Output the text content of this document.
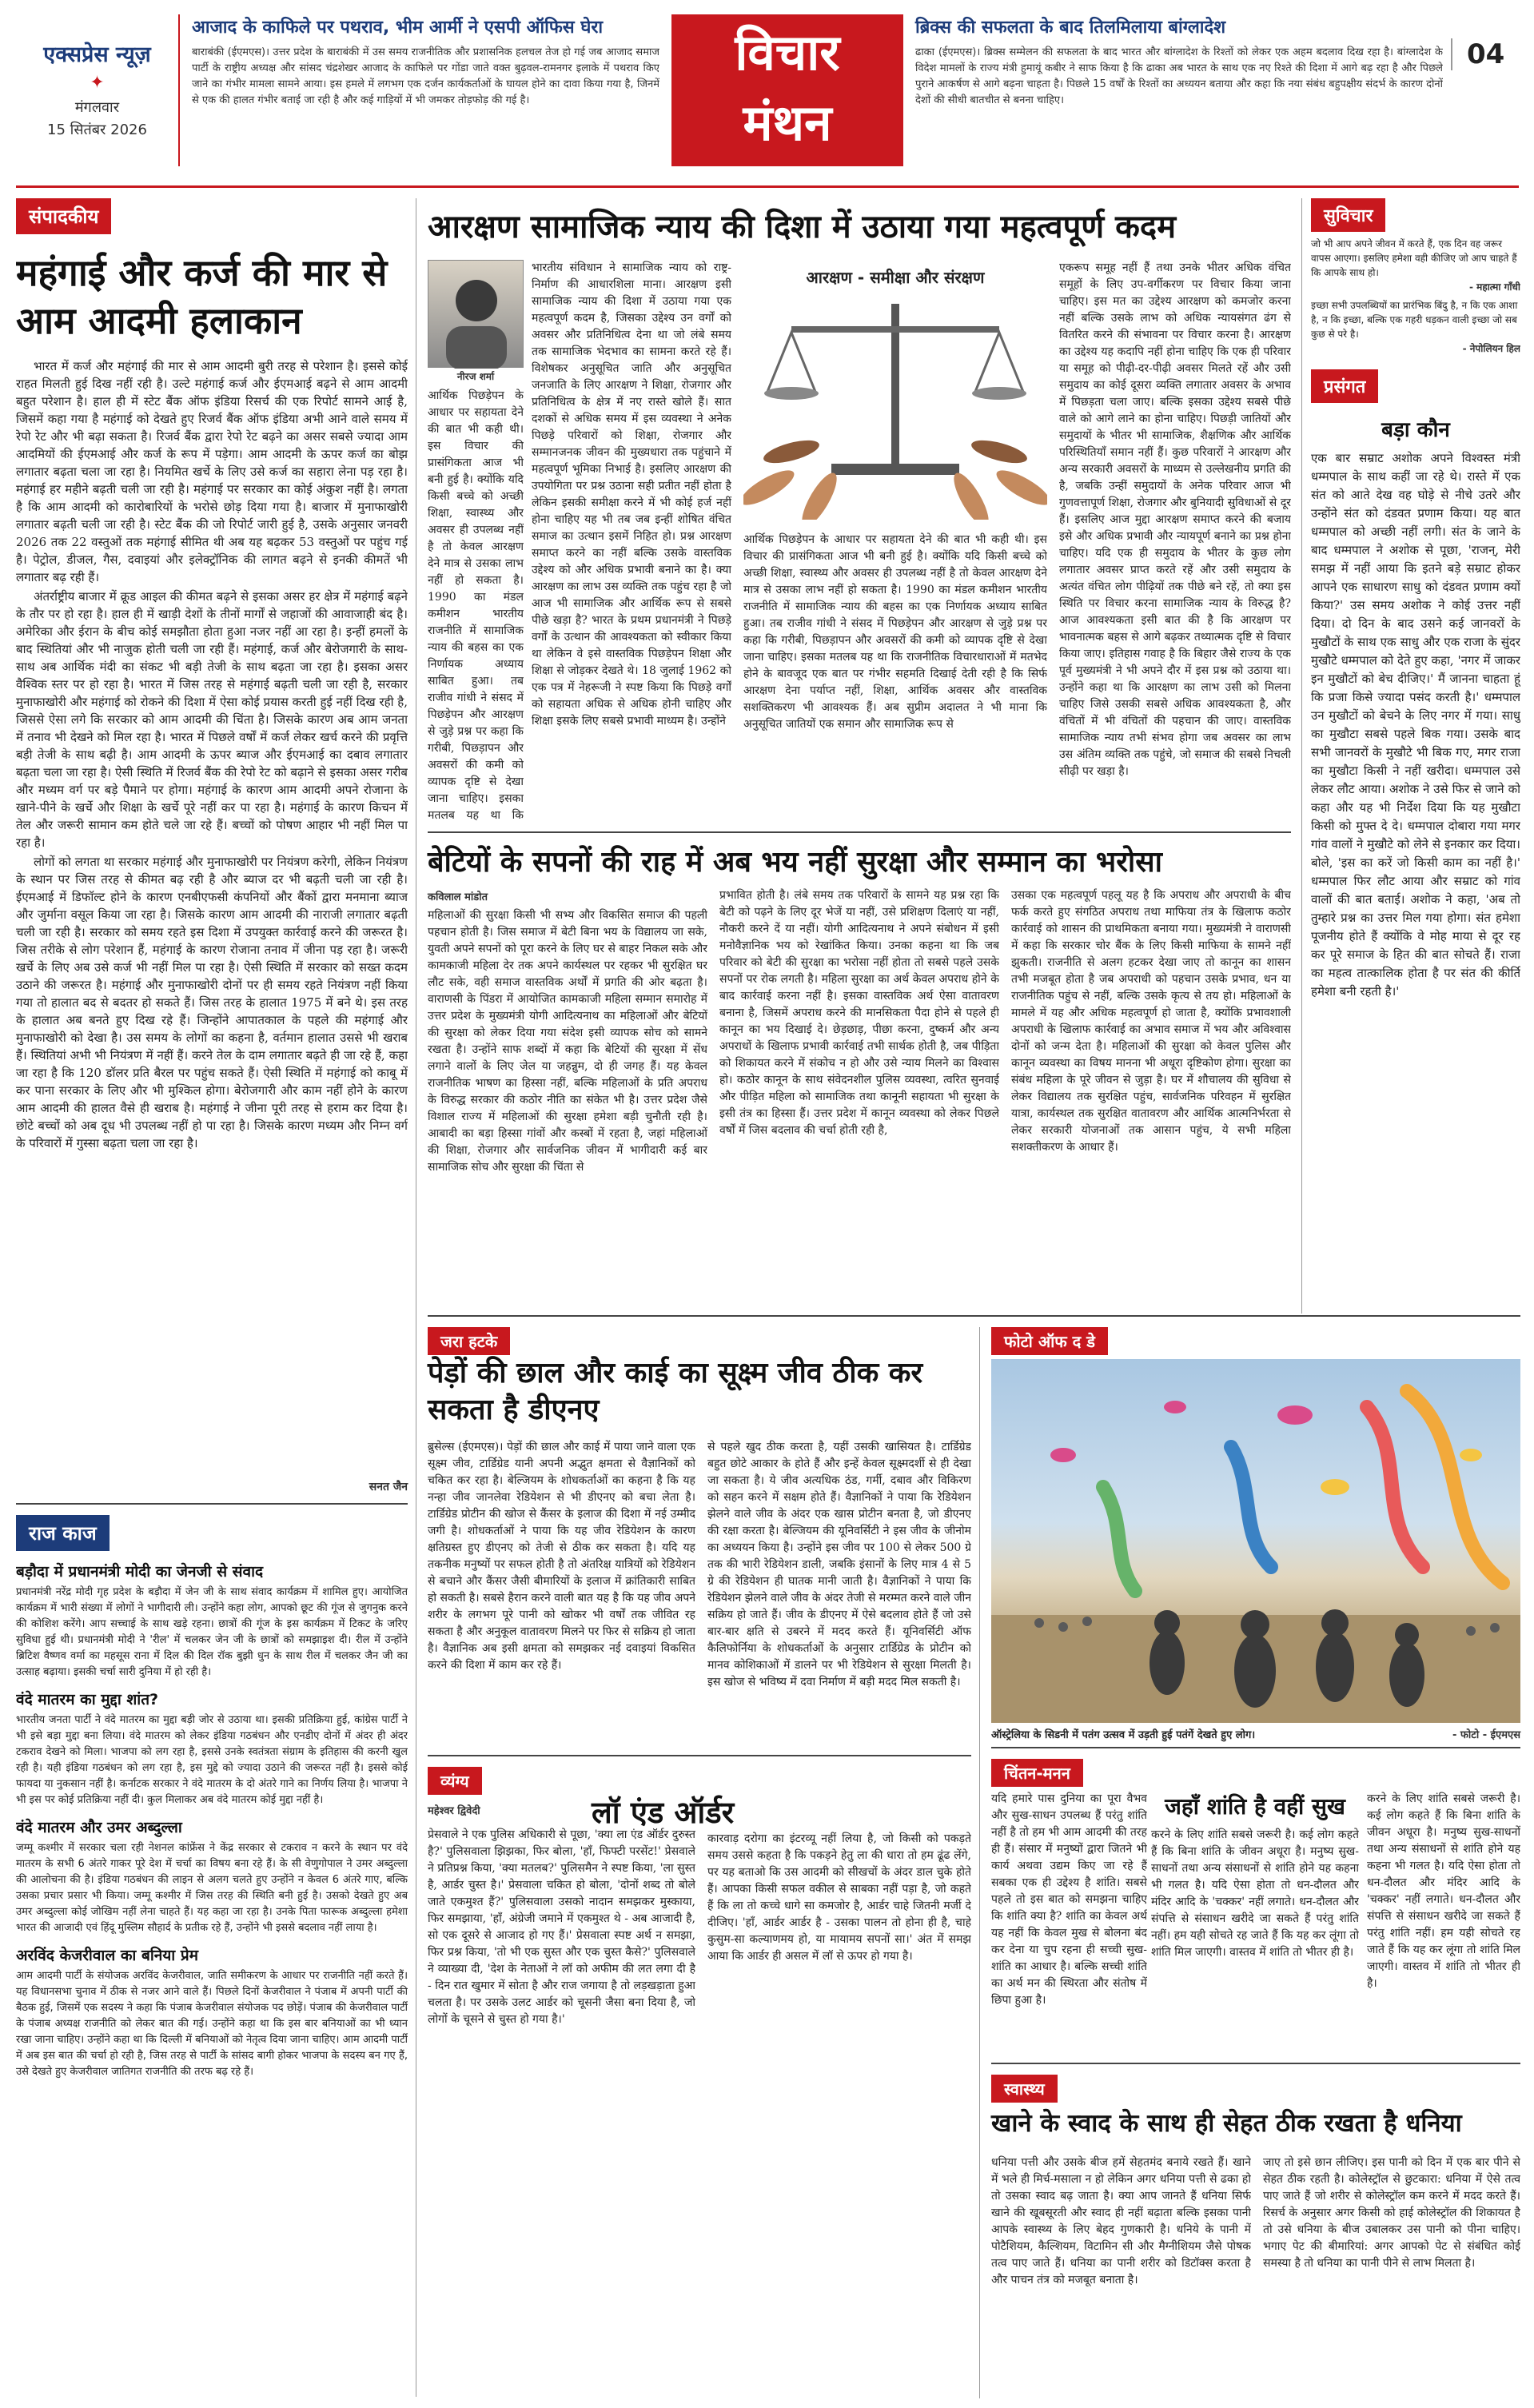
एक्सप्रेस न्यूज़
✦
मंगलवार
15 सितंबर 2026
आजाद के काफिले पर पथराव, भीम आर्मी ने एसपी ऑफिस घेरा
बाराबंकी (ईएमएस)। उत्तर प्रदेश के बाराबंकी में उस समय राजनीतिक और प्रशासनिक हलचल तेज हो गई जब आजाद समाज पार्टी के राष्ट्रीय अध्यक्ष और सांसद चंद्रशेखर आजाद के काफिले पर गोंडा जाते वक्त बुढ़वल-रामनगर इलाके में पथराव किए जाने का गंभीर मामला सामने आया। इस हमले में लगभग एक दर्जन कार्यकर्ताओं के घायल होने का दावा किया गया है, जिनमें से एक की हालत गंभीर बताई जा रही है और कई गाड़ियों में भी जमकर तोड़फोड़ की गई है।
विचार
मंथन
ब्रिक्स की सफलता के बाद तिलमिलाया बांग्लादेश
ढाका (ईएमएस)। ब्रिक्स सम्मेलन की सफलता के बाद भारत और बांग्लादेश के रिश्तों को लेकर एक अहम बदलाव दिख रहा है। बांग्लादेश के विदेश मामलों के राज्य मंत्री हुमायूं कबीर ने साफ किया है कि ढाका अब भारत के साथ एक नए रिश्ते की दिशा में आगे बढ़ रहा है और पिछले पुराने आकर्षण से आगे बढ़ना चाहता है। पिछले 15 वर्षों के रिश्तों का अध्ययन बताया और कहा कि नया संबंध बहुपक्षीय संदर्भ के कारण दोनों देशों की सीधी बातचीत से बनना चाहिए।
04
संपादकीय
महंगाई और कर्ज की मार से आम आदमी हलाकान

भारत में कर्ज और महंगाई की मार से आम आदमी बुरी तरह से परेशान है। इससे कोई राहत मिलती हुई दिख नहीं रही है। उल्टे महंगाई कर्ज और ईएमआई बढ़ने से आम आदमी बहुत परेशान है। हाल ही में स्टेट बैंक ऑफ इंडिया रिसर्च की एक रिपोर्ट सामने आई है, जिसमें कहा गया है महंगाई को देखते हुए रिजर्व बैंक ऑफ इंडिया अभी आने वाले समय में रेपो रेट और भी बढ़ा सकता है। रिजर्व बैंक द्वारा रेपो रेट बढ़ने का असर सबसे ज्यादा आम आदमियों की ईएमआई और कर्ज के रूप में पड़ेगा। आम आदमी के ऊपर कर्ज का बोझ लगातार बढ़ता चला जा रहा है। नियमित खर्चे के लिए उसे कर्ज का सहारा लेना पड़ रहा है। महंगाई हर महीने बढ़ती चली जा रही है। महंगाई पर सरकार का कोई अंकुश नहीं है। लगता है कि आम आदमी को कारोबारियों के भरोसे छोड़ दिया गया है। बाजार में मुनाफाखोरी लगातार बढ़ती चली जा रही है। स्टेट बैंक की जो रिपोर्ट जारी हुई है, उसके अनुसार जनवरी 2026 तक 22 वस्तुओं तक महंगाई सीमित थी अब यह बढ़कर 53 वस्तुओं पर पहुंच गई है। पेट्रोल, डीजल, गैस, दवाइयां और इलेक्ट्रॉनिक की लागत बढ़ने से इनकी कीमतें भी लगातार बढ़ रही हैं।

अंतर्राष्ट्रीय बाजार में क्रूड आइल की कीमत बढ़ने से इसका असर हर क्षेत्र में महंगाई बढ़ने के तौर पर हो रहा है। हाल ही में खाड़ी देशों के तीनों मार्गों से जहाजों की आवाजाही बंद है। अमेरिका और ईरान के बीच कोई समझौता होता हुआ नजर नहीं आ रहा है। इन्हीं हमलों के बाद स्थितियां और भी नाजुक होती चली जा रही हैं। महंगाई, कर्ज और बेरोजगारी के साथ-साथ अब आर्थिक मंदी का संकट भी बड़ी तेजी के साथ बढ़ता जा रहा है। इसका असर वैश्विक स्तर पर हो रहा है। भारत में जिस तरह से महंगाई बढ़ती चली जा रही है, सरकार मुनाफाखोरी और महंगाई को रोकने की दिशा में ऐसा कोई प्रयास करती हुई नहीं दिख रही है, जिससे ऐसा लगे कि सरकार को आम आदमी की चिंता है। जिसके कारण अब आम जनता में तनाव भी देखने को मिल रहा है। भारत में पिछले वर्षों में कर्ज लेकर खर्च करने की प्रवृत्ति बड़ी तेजी के साथ बढ़ी है। आम आदमी के ऊपर ब्याज और ईएमआई का दबाव लगातार बढ़ता चला जा रहा है। ऐसी स्थिति में रिजर्व बैंक की रेपो रेट को बढ़ाने से इसका असर गरीब और मध्यम वर्ग पर बड़े पैमाने पर होगा। महंगाई के कारण आम आदमी अपने रोजाना के खाने-पीने के खर्चे और शिक्षा के खर्चे पूरे नहीं कर पा रहा है। महंगाई के कारण किचन में तेल और जरूरी सामान कम होते चले जा रहे हैं। बच्चों को पोषण आहार भी नहीं मिल पा रहा है।

लोगों को लगता था सरकार महंगाई और मुनाफाखोरी पर नियंत्रण करेगी, लेकिन नियंत्रण के स्थान पर जिस तरह से कीमत बढ़ रही है और ब्याज दर भी बढ़ती चली जा रही है। ईएमआई में डिफॉल्ट होने के कारण एनबीएफसी कंपनियों और बैंकों द्वारा मनमाना ब्याज और जुर्माना वसूल किया जा रहा है। जिसके कारण आम आदमी की नाराजी लगातार बढ़ती चली जा रही है। सरकार को समय रहते इस दिशा में उपयुक्त कार्रवाई करने की जरूरत है। जिस तरीके से लोग परेशान हैं, महंगाई के कारण रोजाना तनाव में जीना पड़ रहा है। जरूरी खर्चे के लिए अब उसे कर्ज भी नहीं मिल पा रहा है। ऐसी स्थिति में सरकार को सख्त कदम उठाने की जरूरत है। महंगाई और मुनाफाखोरी दोनों पर ही समय रहते नियंत्रण नहीं किया गया तो हालात बद से बदतर हो सकते हैं। जिस तरह के हालात 1975 में बने थे। इस तरह के हालात अब बनते हुए दिख रहे हैं। जिन्होंने आपातकाल के पहले की महंगाई और मुनाफाखोरी को देखा है। उस समय के लोगों का कहना है, वर्तमान हालात उससे भी खराब हैं। स्थितियां अभी भी नियंत्रण में नहीं हैं। करने तेल के दाम लगातार बढ़ते ही जा रहे हैं, कहा जा रहा है कि 120 डॉलर प्रति बैरल पर पहुंच सकते हैं। ऐसी स्थिति में महंगाई को काबू में कर पाना सरकार के लिए और भी मुश्किल होगा। बेरोजगारी और काम नहीं होने के कारण आम आदमी की हालत वैसे ही खराब है। महंगाई ने जीना पूरी तरह से हराम कर दिया है। छोटे बच्चों को अब दूध भी उपलब्ध नहीं हो पा रहा है। जिसके कारण मध्यम और निम्न वर्ग के परिवारों में गुस्सा बढ़ता चला जा रहा है।

सनत जैन
राज काज
बड़ौदा में प्रधानमंत्री मोदी का जेनजी से संवाद
प्रधानमंत्री नरेंद्र मोदी गृह प्रदेश के बड़ौदा में जेन जी के साथ संवाद कार्यक्रम में शामिल हुए। आयोजित कार्यक्रम में भारी संख्या में लोगों ने भागीदारी ली। उन्होंने कहा लोग, आपको छूट की गूंज से जुगनुक करने की कोशिश करेंगे। आप सच्चाई के साथ खड़े रहना। छात्रों की गूंज के इस कार्यक्रम में टिकट के जरिए सुविधा हुई थी। प्रधानमंत्री मोदी ने 'रील' में चलकर जेन जी के छात्रों को समझाइश दी। रील में उन्होंने ब्रिटिश वैष्णव वर्मा का महसूस राना में दिल की दिल रॉक बुझी धुन के साथ रील में चलकर जैन जी का उत्साह बढ़ाया। इसकी चर्चा सारी दुनिया में हो रही है।
वंदे मातरम का मुद्दा शांत?
भारतीय जनता पार्टी ने वंदे मातरम का मुद्दा बड़ी जोर से उठाया था। इसकी प्रतिक्रिया हुई, कांग्रेस पार्टी ने भी इसे बड़ा मुद्दा बना लिया। वंदे मातरम को लेकर इंडिया गठबंधन और एनडीए दोनों में अंदर ही अंदर टकराव देखने को मिला। भाजपा को लग रहा है, इससे उनके स्वतंत्रता संग्राम के इतिहास की करनी खुल रही है। यही इंडिया गठबंधन को लग रहा है, इस मुद्दे को ज्यादा उठाने की जरूरत नहीं है। इससे कोई फायदा या नुकसान नहीं है। कर्नाटक सरकार ने वंदे मातरम के दो अंतरे गाने का निर्णय लिया है। भाजपा ने भी इस पर कोई प्रतिक्रिया नहीं दी। कुल मिलाकर अब वंदे मातरम कोई मुद्दा नहीं है।
वंदे मातरम और उमर अब्दुल्ला
जम्मू कश्मीर में सरकार चला रही नेशनल कांफ्रेंस ने केंद्र सरकार से टकराव न करने के स्थान पर वंदे मातरम के सभी 6 अंतरे गाकर पूरे देश में चर्चा का विषय बना रहे हैं। के सी वेणुगोपाल ने उमर अब्दुल्ला की आलोचना की है। इंडिया गठबंधन की लाइन से अलग चलते हुए उन्होंने न केवल 6 अंतरे गाए, बल्कि उसका प्रचार प्रसार भी किया। जम्मू कश्मीर में जिस तरह की स्थिति बनी हुई है। उसको देखते हुए अब उमर अब्दुल्ला कोई जोखिम नहीं लेना चाहते हैं। यह कहा जा रहा है। उनके पिता फारूक अब्दुल्ला हमेशा भारत की आजादी एवं हिंदू मुस्लिम सौहार्द के प्रतीक रहे हैं, उन्होंने भी इससे बदलाव नहीं लाया है।
अरविंद केजरीवाल का बनिया प्रेम
आम आदमी पार्टी के संयोजक अरविंद केजरीवाल, जाति समीकरण के आधार पर राजनीति नहीं करते हैं। यह विधानसभा चुनाव में ठीक से नजर आने वाले हैं। पिछले दिनों केजरीवाल ने पंजाब में अपनी पार्टी की बैठक हुई, जिसमें एक सदस्य ने कहा कि पंजाब केजरीवाल संयोजक पद छोड़ें। पंजाब की केजरीवाल पार्टी के पंजाब अध्यक्ष राजनीति को लेकर बात की गई। उन्होंने कहा था कि इस बार बनियाओं का भी ध्यान रखा जाना चाहिए। उन्होंने कहा था कि दिल्ली में बनियाओं को नेतृत्व दिया जाना चाहिए। आम आदमी पार्टी में अब इस बात की चर्चा हो रही है, जिस तरह से पार्टी के सांसद बागी होकर भाजपा के सदस्य बन गए हैं, उसे देखते हुए केजरीवाल जातिगत राजनीति की तरफ बढ़ रहे हैं।
आरक्षण सामाजिक न्याय की दिशा में उठाया गया महत्वपूर्ण कदम
नीरज शर्मा

भारतीय संविधान ने सामाजिक न्याय को राष्ट्र-निर्माण की आधारशिला माना। आरक्षण इसी सामाजिक न्याय की दिशा में उठाया गया एक महत्वपूर्ण कदम है, जिसका उद्देश्य उन वर्गों को अवसर और प्रतिनिधित्व देना था जो लंबे समय तक सामाजिक भेदभाव का सामना करते रहे हैं। विशेषकर अनुसूचित जाति और अनुसूचित जनजाति के लिए आरक्षण ने शिक्षा, रोजगार और प्रतिनिधित्व के क्षेत्र में नए रास्ते खोले हैं। सात दशकों से अधिक समय में इस व्यवस्था ने अनेक पिछड़े परिवारों को शिक्षा, रोजगार और सम्मानजनक जीवन की मुख्यधारा तक पहुंचाने में महत्वपूर्ण भूमिका निभाई है। इसलिए आरक्षण की उपयोगिता पर प्रश्न उठाना सही प्रतीत नहीं होता है लेकिन इसकी समीक्षा करने में भी कोई हर्ज नहीं होना चाहिए यह भी तब जब इन्हीं शोषित वंचित समाज का उत्थान इसमें निहित हो। प्रश्न आरक्षण समाप्त करने का नहीं बल्कि उसके वास्तविक उद्देश्य को और अधिक प्रभावी बनाने का है। क्या आरक्षण का लाभ उस व्यक्ति तक पहुंच रहा है जो आज भी सामाजिक और आर्थिक रूप से सबसे पीछे खड़ा है? भारत के प्रथम प्रधानमंत्री ने पिछड़े वर्गों के उत्थान की आवश्यकता को स्वीकार किया था लेकिन वे इसे वास्तविक पिछड़ेपन शिक्षा और शिक्षा से जोड़कर देखते थे। 18 जुलाई 1962 को एक पत्र में नेहरूजी ने स्पष्ट किया कि पिछड़े वर्गों को सहायता अधिक से अधिक होनी चाहिए और शिक्षा इसके लिए सबसे प्रभावी माध्यम है। उन्होंने

आर्थिक पिछड़ेपन के आधार पर सहायता देने की बात भी कही थी। इस विचार की प्रासंगिकता आज भी बनी हुई है। क्योंकि यदि किसी बच्चे को अच्छी शिक्षा, स्वास्थ्य और अवसर ही उपलब्ध नहीं है तो केवल आरक्षण देने मात्र से उसका लाभ नहीं हो सकता है। 1990 का मंडल कमीशन भारतीय राजनीति में सामाजिक न्याय की बहस का एक निर्णायक अध्याय साबित हुआ। तब राजीव गांधी ने संसद में पिछड़ेपन और आरक्षण से जुड़े प्रश्न पर कहा कि गरीबी, पिछड़ापन और अवसरों की कमी को व्यापक दृष्टि से देखा जाना चाहिए। इसका मतलब यह था कि

आरक्षण - समीक्षा और संरक्षण

आर्थिक पिछड़ेपन के आधार पर सहायता देने की बात भी कही थी। इस विचार की प्रासंगिकता आज भी बनी हुई है। क्योंकि यदि किसी बच्चे को अच्छी शिक्षा, स्वास्थ्य और अवसर ही उपलब्ध नहीं है तो केवल आरक्षण देने मात्र से उसका लाभ नहीं हो सकता है। 1990 का मंडल कमीशन भारतीय राजनीति में सामाजिक न्याय की बहस का एक निर्णायक अध्याय साबित हुआ। तब राजीव गांधी ने संसद में पिछड़ेपन और आरक्षण से जुड़े प्रश्न पर कहा कि गरीबी, पिछड़ापन और अवसरों की कमी को व्यापक दृष्टि से देखा जाना चाहिए। इसका मतलब यह था कि राजनीतिक विचारधाराओं में मतभेद होने के बावजूद एक बात पर गंभीर सहमति दिखाई देती रही है कि सिर्फ आरक्षण देना पर्याप्त नहीं, शिक्षा, आर्थिक अवसर और वास्तविक सशक्तिकरण भी आवश्यक हैं। अब सुप्रीम अदालत ने भी माना कि अनुसूचित जातियों एक समान और सामाजिक रूप से

एकरूप समूह नहीं हैं तथा उनके भीतर अधिक वंचित समूहों के लिए उप-वर्गीकरण पर विचार किया जाना चाहिए। इस मत का उद्देश्य आरक्षण को कमजोर करना नहीं बल्कि उसके लाभ को अधिक न्यायसंगत ढंग से वितरित करने की संभावना पर विचार करना है। आरक्षण का उद्देश्य यह कदापि नहीं होना चाहिए कि एक ही परिवार या समूह को पीढ़ी-दर-पीढ़ी अवसर मिलते रहें और उसी समुदाय का कोई दूसरा व्यक्ति लगातार अवसर के अभाव में पिछड़ता चला जाए। बल्कि इसका उद्देश्य सबसे पीछे वाले को आगे लाने का होना चाहिए। पिछड़ी जातियों और समुदायों के भीतर भी सामाजिक, शैक्षणिक और आर्थिक परिस्थितियाँ समान नहीं हैं। कुछ परिवारों ने आरक्षण और अन्य सरकारी अवसरों के माध्यम से उल्लेखनीय प्रगति की है, जबकि उन्हीं समुदायों के अनेक परिवार आज भी गुणवत्तापूर्ण शिक्षा, रोजगार और बुनियादी सुविधाओं से दूर हैं। इसलिए आज मुद्दा आरक्षण समाप्त करने की बजाय इसे और अधिक प्रभावी और न्यायपूर्ण बनाने का प्रश्न होना चाहिए। यदि एक ही समुदाय के भीतर के कुछ लोग लगातार अवसर प्राप्त करते रहें और उसी समुदाय के अत्यंत वंचित लोग पीढ़ियों तक पीछे बने रहें, तो क्या इस स्थिति पर विचार करना सामाजिक न्याय के विरुद्ध है? आज आवश्यकता इसी बात की है कि आरक्षण पर भावनात्मक बहस से आगे बढ़कर तथ्यात्मक दृष्टि से विचार किया जाए। इतिहास गवाह है कि बिहार जैसे राज्य के एक पूर्व मुख्यमंत्री ने भी अपने दौर में इस प्रश्न को उठाया था। उन्होंने कहा था कि आरक्षण का लाभ उसी को मिलना चाहिए जिसे उसकी सबसे अधिक आवश्यकता है, और वंचितों में भी वंचितों की पहचान की जाए। वास्तविक सामाजिक न्याय तभी संभव होगा जब अवसर का लाभ उस अंतिम व्यक्ति तक पहुंचे, जो समाज की सबसे निचली सीढ़ी पर खड़ा है।

सुविचार
जो भी आप अपने जीवन में करते हैं, एक दिन वह जरूर वापस आएगा। इसलिए हमेशा वही कीजिए जो आप चाहते हैं कि आपके साथ हो।
- महात्मा गाँधी
इच्छा सभी उपलब्धियों का प्रारंभिक बिंदु है, न कि एक आशा है, न कि इच्छा, बल्कि एक गहरी धड़कन वाली इच्छा जो सब कुछ से परे है।
- नेपोलियन हिल
प्रसंगत
बड़ा कौन
एक बार सम्राट अशोक अपने विश्वस्त मंत्री धम्मपाल के साथ कहीं जा रहे थे। रास्ते में एक संत को आते देख वह घोड़े से नीचे उतरे और उन्होंने संत को दंडवत प्रणाम किया। यह बात धम्मपाल को अच्छी नहीं लगी। संत के जाने के बाद धम्मपाल ने अशोक से पूछा, 'राजन्, मेरी समझ में नहीं आया कि इतने बड़े सम्राट होकर आपने एक साधारण साधु को दंडवत प्रणाम क्यों किया?' उस समय अशोक ने कोई उत्तर नहीं दिया। दो दिन के बाद उसने कई जानवरों के मुखौटों के साथ एक साधु और एक राजा के सुंदर मुखौटे धम्मपाल को देते हुए कहा, 'नगर में जाकर इन मुखौटों को बेच दीजिए।' मैं जानना चाहता हूं कि प्रजा किसे ज्यादा पसंद करती है।' धम्मपाल उन मुखौटों को बेचने के लिए नगर में गया। साधु का मुखौटा सबसे पहले बिक गया। उसके बाद सभी जानवरों के मुखौटे भी बिक गए, मगर राजा का मुखौटा किसी ने नहीं खरीदा। धम्मपाल उसे लेकर लौट आया। अशोक ने उसे फिर से जाने को कहा और यह भी निर्देश दिया कि यह मुखौटा किसी को मुफ्त दे दे। धम्मपाल दोबारा गया मगर गांव वालों ने मुखौटे को लेने से इनकार कर दिया। बोले, 'इस का करें जो किसी काम का नहीं है।' धम्मपाल फिर लौट आया और सम्राट को गांव वालों की बात बताई। अशोक ने कहा, 'अब तो तुम्हारे प्रश्न का उत्तर मिल गया होगा। संत हमेशा पूजनीय होते हैं क्योंकि वे मोह माया से दूर रह कर पूरे समाज के हित की बात सोचते हैं। राजा का महत्व तात्कालिक होता है पर संत की कीर्ति हमेशा बनी रहती है।'
बेटियों के सपनों की राह में अब भय नहीं सुरक्षा और सम्मान का भरोसा
कविलाल मांडोत
महिलाओं की सुरक्षा किसी भी सभ्य और विकसित समाज की पहली पहचान होती है। जिस समाज में बेटी बिना भय के विद्यालय जा सके, युवती अपने सपनों को पूरा करने के लिए घर से बाहर निकल सके और कामकाजी महिला देर तक अपने कार्यस्थल पर रहकर भी सुरक्षित घर लौट सके, वही समाज वास्तविक अर्थों में प्रगति की ओर बढ़ता है। वाराणसी के पिंडरा में आयोजित कामकाजी महिला सम्मान समारोह में उत्तर प्रदेश के मुख्यमंत्री योगी आदित्यनाथ का महिलाओं और बेटियों की सुरक्षा को लेकर दिया गया संदेश इसी व्यापक सोच को सामने रखता है। उन्होंने साफ शब्दों में कहा कि बेटियों की सुरक्षा में सेंध लगाने वालों के लिए जेल या जहन्नुम, दो ही जगह हैं। यह केवल राजनीतिक भाषण का हिस्सा नहीं, बल्कि महिलाओं के प्रति अपराध के विरुद्ध सरकार की कठोर नीति का संकेत भी है। उत्तर प्रदेश जैसे विशाल राज्य में महिलाओं की सुरक्षा हमेशा बड़ी चुनौती रही है। आबादी का बड़ा हिस्सा गांवों और कस्बों में रहता है, जहां महिलाओं की शिक्षा, रोजगार और सार्वजनिक जीवन में भागीदारी कई बार सामाजिक सोच और सुरक्षा की चिंता से
प्रभावित होती है। लंबे समय तक परिवारों के सामने यह प्रश्न रहा कि बेटी को पढ़ने के लिए दूर भेजें या नहीं, उसे प्रशिक्षण दिलाएं या नहीं, नौकरी करने दें या नहीं। योगी आदित्यनाथ ने अपने संबोधन में इसी मनोवैज्ञानिक भय को रेखांकित किया। उनका कहना था कि जब परिवार को बेटी की सुरक्षा का भरोसा नहीं होता तो सबसे पहले उसके सपनों पर रोक लगती है। महिला सुरक्षा का अर्थ केवल अपराध होने के बाद कार्रवाई करना नहीं है। इसका वास्तविक अर्थ ऐसा वातावरण बनाना है, जिसमें अपराध करने की मानसिकता पैदा होने से पहले ही कानून का भय दिखाई दे। छेड़छाड़, पीछा करना, दुष्कर्म और अन्य अपराधों के खिलाफ प्रभावी कार्रवाई तभी सार्थक होती है, जब पीड़िता को शिकायत करने में संकोच न हो और उसे न्याय मिलने का विश्वास हो। कठोर कानून के साथ संवेदनशील पुलिस व्यवस्था, त्वरित सुनवाई और पीड़ित महिला को सामाजिक तथा कानूनी सहायता भी सुरक्षा के इसी तंत्र का हिस्सा हैं। उत्तर प्रदेश में कानून व्यवस्था को लेकर पिछले वर्षों में जिस बदलाव की चर्चा होती रही है,
उसका एक महत्वपूर्ण पहलू यह है कि अपराध और अपराधी के बीच फर्क करते हुए संगठित अपराध तथा माफिया तंत्र के खिलाफ कठोर कार्रवाई को शासन की प्राथमिकता बनाया गया। मुख्यमंत्री ने वाराणसी में कहा कि सरकार चोर बैंक के लिए किसी माफिया के सामने नहीं झुकती। राजनीति से अलग हटकर देखा जाए तो कानून का शासन तभी मजबूत होता है जब अपराधी को पहचान उसके प्रभाव, धन या राजनीतिक पहुंच से नहीं, बल्कि उसके कृत्य से तय हो। महिलाओं के मामले में यह और अधिक महत्वपूर्ण हो जाता है, क्योंकि प्रभावशाली अपराधी के खिलाफ कार्रवाई का अभाव समाज में भय और अविश्वास दोनों को जन्म देता है। महिलाओं की सुरक्षा को केवल पुलिस और कानून व्यवस्था का विषय मानना भी अधूरा दृष्टिकोण होगा। सुरक्षा का संबंध महिला के पूरे जीवन से जुड़ा है। घर में शौचालय की सुविधा से लेकर विद्यालय तक सुरक्षित पहुंच, सार्वजनिक परिवहन में सुरक्षित यात्रा, कार्यस्थल तक सुरक्षित वातावरण और आर्थिक आत्मनिर्भरता से लेकर सरकारी योजनाओं तक आसान पहुंच, ये सभी महिला सशक्तीकरण के आधार हैं।
जरा हटके
पेड़ों की छाल और काई का सूक्ष्म जीव ठीक कर सकता है डीएनए
ब्रुसेल्स (ईएमएस)। पेड़ों की छाल और काई में पाया जाने वाला एक सूक्ष्म जीव, टार्डिग्रेड यानी अपनी अद्भुत क्षमता से वैज्ञानिकों को चकित कर रहा है। बेल्जियम के शोधकर्ताओं का कहना है कि यह नन्हा जीव जानलेवा रेडियेशन से भी डीएनए को बचा लेता है। टार्डिग्रेड प्रोटीन की खोज से कैंसर के इलाज की दिशा में नई उम्मीद जगी है। शोधकर्ताओं ने पाया कि यह जीव रेडियेशन के कारण क्षतिग्रस्त हुए डीएनए को तेजी से ठीक कर सकता है। यदि यह तकनीक मनुष्यों पर सफल होती है तो अंतरिक्ष यात्रियों को रेडियेशन से बचाने और कैंसर जैसी बीमारियों के इलाज में क्रांतिकारी साबित हो सकती है। सबसे हैरान करने वाली बात यह है कि यह जीव अपने शरीर के लगभग पूरे पानी को खोकर भी वर्षों तक जीवित रह सकता है और अनुकूल वातावरण मिलने पर फिर से सक्रिय हो जाता है। वैज्ञानिक अब इसी क्षमता को समझकर नई दवाइयां विकसित करने की दिशा में काम कर रहे हैं।
से पहले खुद ठीक करता है, यहीं उसकी खासियत है। टार्डिग्रेड बहुत छोटे आकार के होते हैं और इन्हें केवल सूक्ष्मदर्शी से ही देखा जा सकता है। ये जीव अत्यधिक ठंड, गर्मी, दबाव और विकिरण को सहन करने में सक्षम होते हैं। वैज्ञानिकों ने पाया कि रेडियेशन झेलने वाले जीव के अंदर एक खास प्रोटीन बनता है, जो डीएनए की रक्षा करता है। बेल्जियम की यूनिवर्सिटी ने इस जीव के जीनोम का अध्ययन किया है। उन्होंने इस जीव पर 100 से लेकर 500 ग्रे तक की भारी रेडियेशन डाली, जबकि इंसानों के लिए मात्र 4 से 5 ग्रे की रेडियेशन ही घातक मानी जाती है। वैज्ञानिकों ने पाया कि रेडियेशन झेलने वाले जीव के अंदर तेजी से मरम्मत करने वाले जीन सक्रिय हो जाते हैं। जीव के डीएनए में ऐसे बदलाव होते हैं जो उसे बार-बार क्षति से उबरने में मदद करते हैं। यूनिवर्सिटी ऑफ कैलिफोर्निया के शोधकर्ताओं के अनुसार टार्डिग्रेड के प्रोटीन को मानव कोशिकाओं में डालने पर भी रेडियेशन से सुरक्षा मिलती है। इस खोज से भविष्य में दवा निर्माण में बड़ी मदद मिल सकती है।
फोटो ऑफ द डे
ऑस्ट्रेलिया के सिडनी में पतंग उत्सव में उड़ती हुई पतंगें देखते हुए लोग।	- फोटो - ईएमएस
चिंतन-मनन
जहाँ शांति है वहीं सुख
यदि हमारे पास दुनिया का पूरा वैभव और सुख-साधन उपलब्ध हैं परंतु शांति नहीं है तो हम भी आम आदमी की तरह ही हैं। संसार में मनुष्यों द्वारा जितने भी कार्य अथवा उद्यम किए जा रहे हैं सबका एक ही उद्देश्य है शांति। सबसे पहले तो इस बात को समझना चाहिए कि शांति क्या है? शांति का केवल अर्थ यह नहीं कि केवल मुख से बोलना बंद कर देना या चुप रहना ही सच्ची सुख-शांति का आधार है। बल्कि सच्ची शांति का अर्थ मन की स्थिरता और संतोष में छिपा हुआ है।
करने के लिए शांति सबसे जरूरी है। कई लोग कहते हैं कि बिना शांति के जीवन अधूरा है। मनुष्य सुख-साधनों तथा अन्य संसाधनों से शांति होने यह कहना भी गलत है। यदि ऐसा होता तो धन-दौलत और मंदिर आदि के 'चक्कर' नहीं लगाते। धन-दौलत और संपत्ति से संसाधन खरीदे जा सकते हैं परंतु शांति नहीं। हम यही सोचते रह जाते हैं कि यह कर लूंगा तो शांति मिल जाएगी। वास्तव में शांति तो भीतर ही है।
करने के लिए शांति सबसे जरूरी है। कई लोग कहते हैं कि बिना शांति के जीवन अधूरा है। मनुष्य सुख-साधनों तथा अन्य संसाधनों से शांति होने यह कहना भी गलत है। यदि ऐसा होता तो धन-दौलत और मंदिर आदि के 'चक्कर' नहीं लगाते। धन-दौलत और संपत्ति से संसाधन खरीदे जा सकते हैं परंतु शांति नहीं। हम यही सोचते रह जाते हैं कि यह कर लूंगा तो शांति मिल जाएगी। वास्तव में शांति तो भीतर ही है।
स्वास्थ्य
खाने के स्वाद के साथ ही सेहत ठीक रखता है धनिया
धनिया पत्ती और उसके बीज हमें सेहतमंद बनाये रखते हैं। खाने में भले ही मिर्च-मसाला न हो लेकिन अगर धनिया पत्ती से ढका हो तो उसका स्वाद बढ़ जाता है। क्या आप जानते हैं धनिया सिर्फ खाने की खूबसूरती और स्वाद ही नहीं बढ़ाता बल्कि इसका पानी आपके स्वास्थ्य के लिए बेहद गुणकारी है। धनिये के पानी में पोटैशियम, कैल्शियम, विटामिन सी और मैग्नीशियम जैसे पोषक तत्व पाए जाते हैं। धनिया का पानी शरीर को डिटॉक्स करता है और पाचन तंत्र को मजबूत बनाता है।
जाए तो इसे छान लीजिए। इस पानी को दिन में एक बार पीने से सेहत ठीक रहती है। कोलेस्ट्रॉल से छुटकारा: धनिया में ऐसे तत्व पाए जाते हैं जो शरीर से कोलेस्ट्रॉल कम करने में मदद करते हैं। रिसर्च के अनुसार अगर किसी को हाई कोलेस्ट्रॉल की शिकायत है तो उसे धनिया के बीज उबालकर उस पानी को पीना चाहिए। भगाए पेट की बीमारियां: अगर आपको पेट से संबंधित कोई समस्या है तो धनिया का पानी पीने से लाभ मिलता है।
व्यंग्य
महेश्वर द्विवेदी	लॉ एंड ऑर्डर
प्रेसवाले ने एक पुलिस अधिकारी से पूछा, 'क्या ला एंड ऑर्डर दुरुस्त है?' पुलिसवाला झिझका, फिर बोला, 'हाँ, फिफ्टी परसेंट!' प्रेसवाले ने प्रतिप्रश्न किया, 'क्या मतलब?' पुलिसमैन ने स्पष्ट किया, 'ला सुस्त है, आर्डर चुस्त है।' प्रेसवाला चकित हो बोला, 'दोनों शब्द तो बोले जाते एकमुश्त हैं?' पुलिसवाला उसको नादान समझकर मुस्काया, फिर समझाया, 'हाँ, अंग्रेजी जमाने में एकमुश्त थे - अब आजादी है, सो एक दूसरे से आजाद हो गए हैं।' प्रेसवाला स्पष्ट अर्थ न समझा, फिर प्रश्न किया, 'तो भी एक सुस्त और एक चुस्त कैसे?' पुलिसवाले ने व्याख्या दी, 'देश के नेताओं ने लॉ को अफीम की लत लगा दी है - दिन रात खुमार में सोता है और राज जगाया है तो लड़खड़ाता हुआ चलता है। पर उसके उलट आर्डर को चूसनी जैसा बना दिया है, जो लोगों के चूसने से चुस्त हो गया है।'
कारवाड़ दरोगा का इंटरव्यू नहीं लिया है, जो किसी को पकड़ते समय उससे कहता है कि पकड़ने हेतु ला की धारा तो हम ढूंढ लेंगे, पर यह बताओ कि उस आदमी को सीखचों के अंदर डाल चुके होते हैं। आपका किसी सफल वकील से साबका नहीं पड़ा है, जो कहते हैं कि ला तो कच्चे धागे सा कमजोर है, आर्डर चाहे जितनी मर्जी दे दीजिए। 'हाँ, आर्डर आर्डर है - उसका पालन तो होना ही है, चाहे कुसुम-सा कल्याणमय हो, या मायामय सपनों सा।' अंत में समझ आया कि आर्डर ही असल में लॉ से ऊपर हो गया है।
